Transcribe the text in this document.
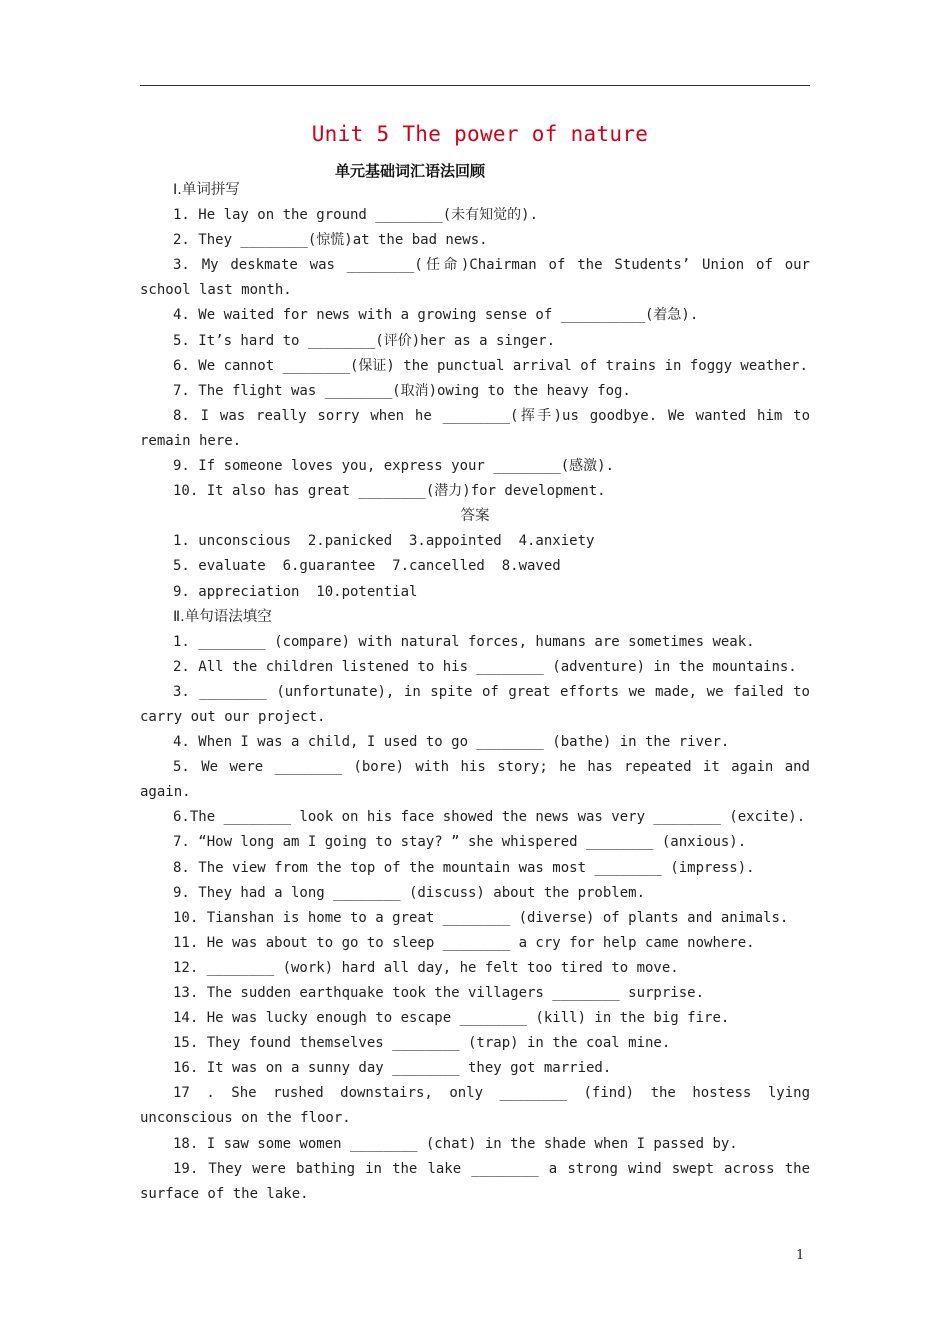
Unit 5 The power of nature
单元基础词汇语法回顾
Ⅰ.单词拼写
1. He lay on the ground ________(未有知觉的).
2. They ________(惊慌)at the bad news.
3. My deskmate was ________(任命)Chairman of the Students’ Union of our school last month.
4. We waited for news with a growing sense of __________(着急).
5. It’s hard to ________(评价)her as a singer.
6. We cannot ________(保证) the punctual arrival of trains in foggy weather.
7. The flight was ________(取消)owing to the heavy fog.
8. I was really sorry when he ________(挥手)us goodbye. We wanted him to remain here.
9. If someone loves you, express your ________(感激).
10. It also has great ________(潜力)for development.
答案
1. unconscious  2.panicked  3.appointed  4.anxiety
5. evaluate  6.guarantee  7.cancelled  8.waved
9. appreciation  10.potential
Ⅱ.单句语法填空
1. ________ (compare) with natural forces, humans are sometimes weak.
2. All the children listened to his ________ (adventure) in the mountains.
3. ________ (unfortunate), in spite of great efforts we made, we failed to carry out our project.
4. When I was a child, I used to go ________ (bathe) in the river.
5. We were ________ (bore) with his story; he has repeated it again and again.
6.The ________ look on his face showed the news was very ________ (excite).
7. “How long am I going to stay? ” she whispered ________ (anxious).
8. The view from the top of the mountain was most ________ (impress).
9. They had a long ________ (discuss) about the problem.
10. Tianshan is home to a great ________ (diverse) of plants and animals.
11. He was about to go to sleep ________ a cry for help came nowhere.
12. ________ (work) hard all day, he felt too tired to move.
13. The sudden earthquake took the villagers ________ surprise.
14. He was lucky enough to escape ________ (kill) in the big fire.
15. They found themselves ________ (trap) in the coal mine.
16. It was on a sunny day ________ they got married.
17 . She rushed downstairs, only ________ (find) the hostess lying unconscious on the floor.
18. I saw some women ________ (chat) in the shade when I passed by.
19. They were bathing in the lake ________ a strong wind swept across the surface of the lake.
1
